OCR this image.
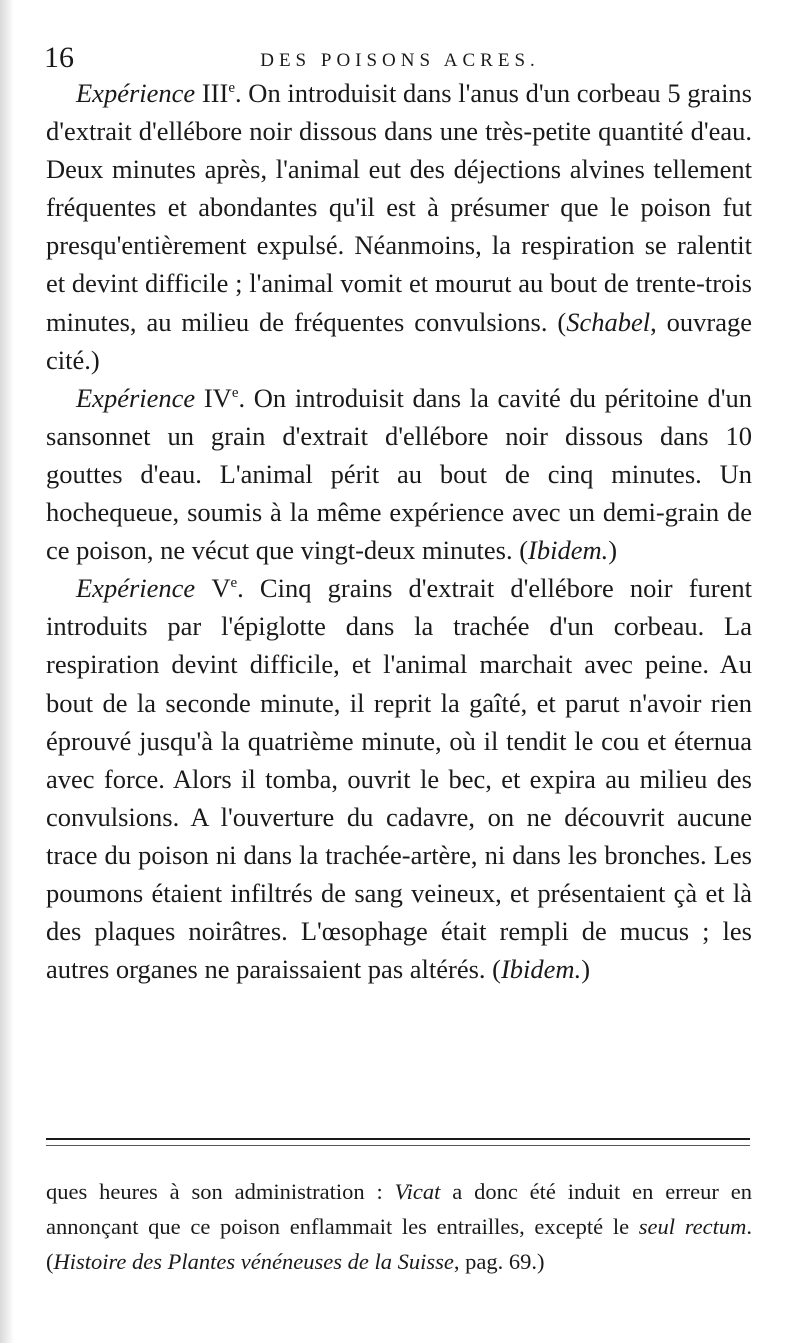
16	DES POISONS ACRES.

Expérience IIIe. On introduisit dans l'anus d'un corbeau 5 grains d'extrait d'ellébore noir dissous dans une très-petite quantité d'eau. Deux minutes après, l'animal eut des déjections alvines tellement fréquentes et abondantes qu'il est à présumer que le poison fut presqu'entièrement expulsé. Néanmoins, la respiration se ralentit et devint difficile ; l'animal vomit et mourut au bout de trente-trois minutes, au milieu de fréquentes convulsions. (Schabel, ouvrage cité.)

Expérience IVe. On introduisit dans la cavité du péritoine d'un sansonnet un grain d'extrait d'ellébore noir dissous dans 10 gouttes d'eau. L'animal périt au bout de cinq minutes. Un hochequeue, soumis à la même expérience avec un demi-grain de ce poison, ne vécut que vingt-deux minutes. (Ibidem.)

Expérience Ve. Cinq grains d'extrait d'ellébore noir furent introduits par l'épiglotte dans la trachée d'un corbeau. La respiration devint difficile, et l'animal marchait avec peine. Au bout de la seconde minute, il reprit la gaîté, et parut n'avoir rien éprouvé jusqu'à la quatrième minute, où il tendit le cou et éternua avec force. Alors il tomba, ouvrit le bec, et expira au milieu des convulsions. A l'ouverture du cadavre, on ne découvrit aucune trace du poison ni dans la trachée-artère, ni dans les bronches. Les poumons étaient infiltrés de sang veineux, et présentaient çà et là des plaques noirâtres. L'œsophage était rempli de mucus ; les autres organes ne paraissaient pas altérés. (Ibidem.)

ques heures à son administration : Vicat a donc été induit en erreur en annonçant que ce poison enflammait les entrailles, excepté le seul rectum. (Histoire des Plantes vénéneuses de la Suisse, pag. 69.)
